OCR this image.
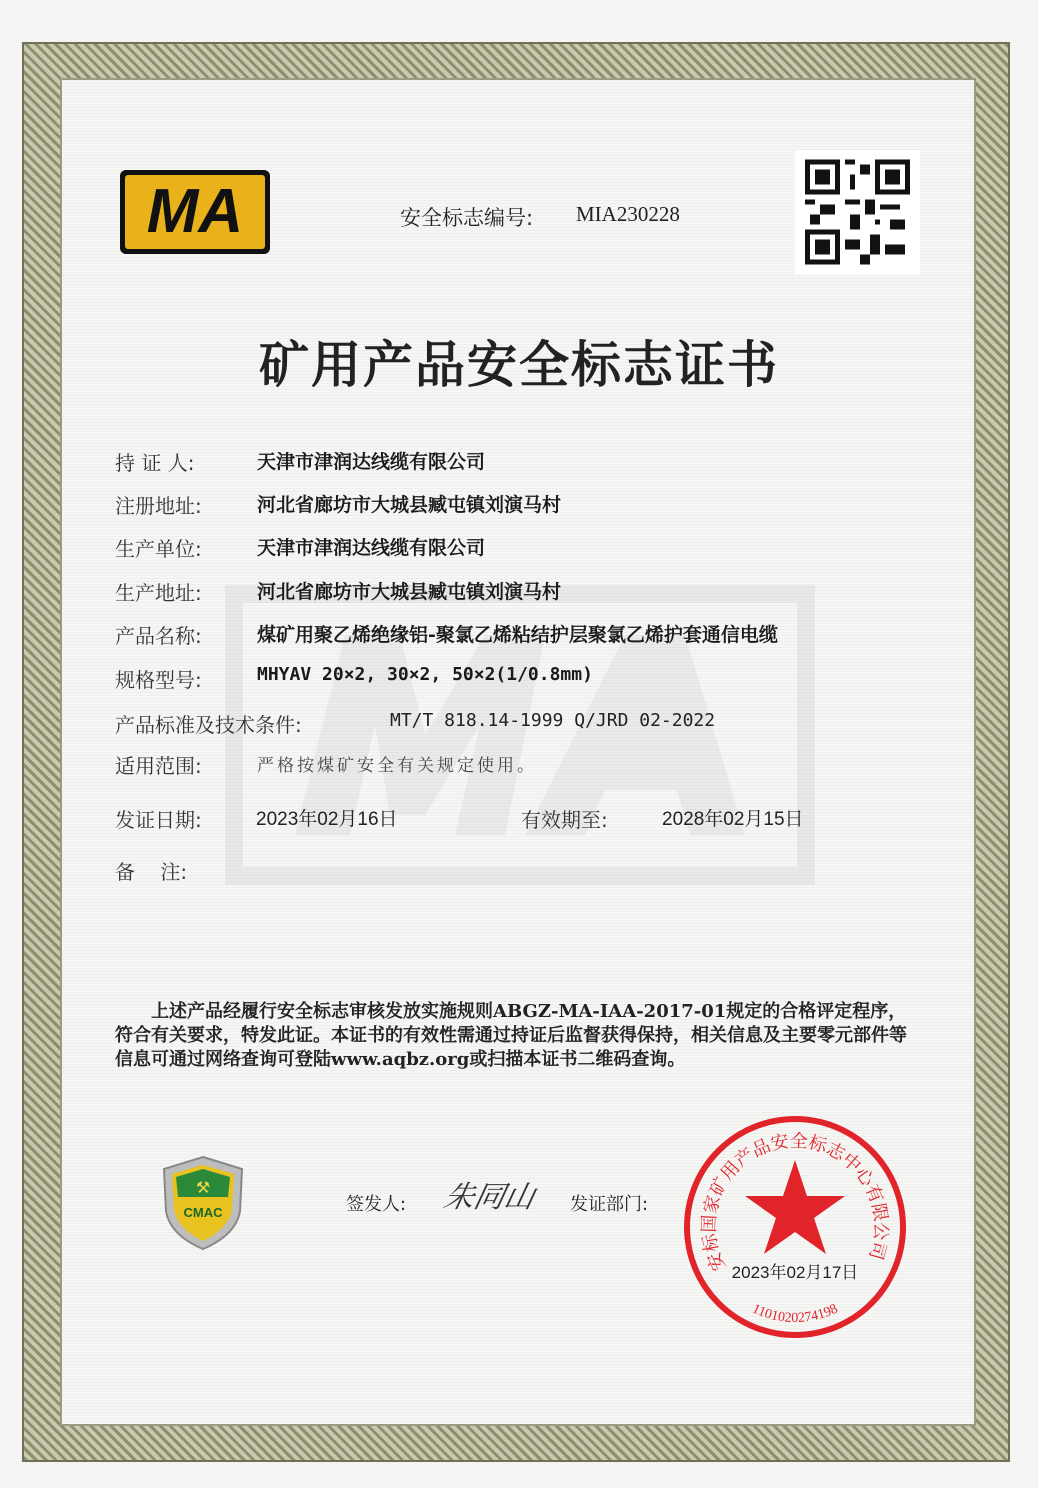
MA	安全标志编号: MIA230228
矿用产品安全标志证书
持 证 人:	天津市津润达线缆有限公司
注册地址:	河北省廊坊市大城县臧屯镇刘演马村
生产单位:	天津市津润达线缆有限公司
生产地址:	河北省廊坊市大城县臧屯镇刘演马村
产品名称:	煤矿用聚乙烯绝缘铝-聚氯乙烯粘结护层聚氯乙烯护套通信电缆
规格型号:	MHYAV 20×2, 30×2, 50×2(1/0.8mm)
产品标准及技术条件:	MT/T 818.14-1999 Q/JRD 02-2022
适用范围:	严格按煤矿安全有关规定使用。
发证日期:	2023年02月16日	有效期至:	2028年02月15日
备    注:
上述产品经履行安全标志审核发放实施规则ABGZ-MA-IAA-2017-01规定的合格评定程序，符合有关要求，特发此证。本证书的有效性需通过持证后监督获得保持，相关信息及主要零元部件等信息可通过网络查询可登陆www.aqbz.org或扫描本证书二维码查询。
⚒
CMAC	签发人: 朱同山 发证部门:
安标国家矿用产品安全标志中心有限公司
1101020274198
2023年02月17日
